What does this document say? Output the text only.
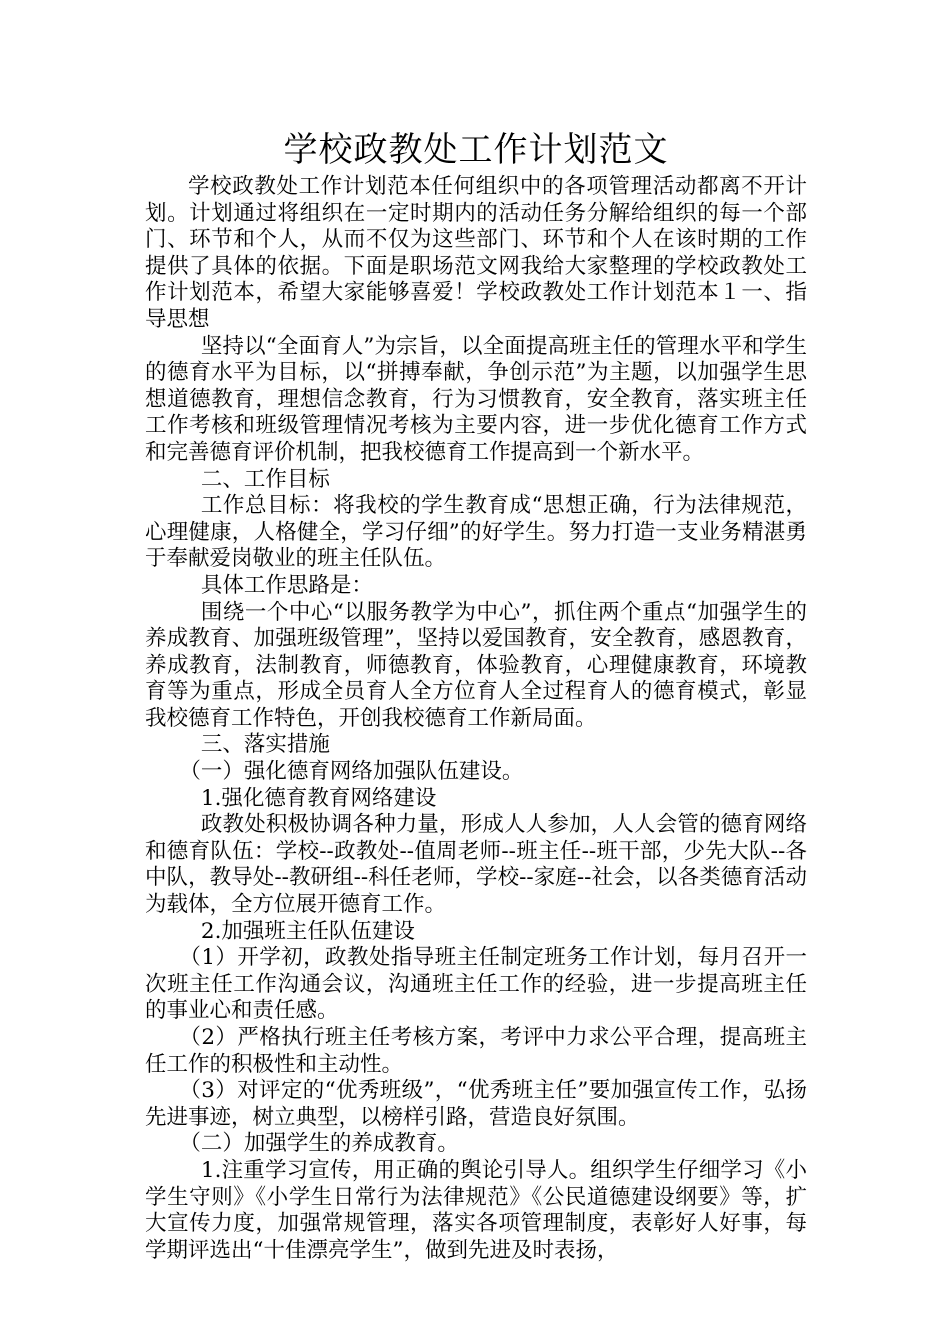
学校政教处工作计划范文

学校政教处工作计划范本任何组织中的各项管理活动都离不开计划。计划通过将组织在一定时期内的活动任务分解给组织的每一个部门、环节和个人，从而不仅为这些部门、环节和个人在该时期的工作提供了具体的依据。下面是职场范文网我给大家整理的学校政教处工作计划范本，希望大家能够喜爱！学校政教处工作计划范本１一、指导思想

坚持以“全面育人”为宗旨，以全面提高班主任的管理水平和学生的德育水平为目标，以“拼搏奉献，争创示范”为主题，以加强学生思想道德教育，理想信念教育，行为习惯教育，安全教育，落实班主任工作考核和班级管理情况考核为主要内容，进一步优化德育工作方式和完善德育评价机制，把我校德育工作提高到一个新水平。

二、工作目标

工作总目标：将我校的学生教育成“思想正确，行为法律规范，心理健康，人格健全，学习仔细”的好学生。努力打造一支业务精湛勇于奉献爱岗敬业的班主任队伍。

具体工作思路是：

围绕一个中心“以服务教学为中心”，抓住两个重点“加强学生的养成教育、加强班级管理”，坚持以爱国教育，安全教育，感恩教育，养成教育，法制教育，师德教育，体验教育，心理健康教育，环境教育等为重点，形成全员育人全方位育人全过程育人的德育模式，彰显我校德育工作特色，开创我校德育工作新局面。

三、落实措施

（一）强化德育网络加强队伍建设。

1.强化德育教育网络建设

政教处积极协调各种力量，形成人人参加，人人会管的德育网络和德育队伍：学校--政教处--值周老师--班主任--班干部，少先大队--各中队，教导处--教研组--科任老师，学校--家庭--社会，以各类德育活动为载体，全方位展开德育工作。

2.加强班主任队伍建设

（1）开学初，政教处指导班主任制定班务工作计划，每月召开一次班主任工作沟通会议，沟通班主任工作的经验，进一步提高班主任的事业心和责任感。

（2）严格执行班主任考核方案，考评中力求公平合理，提高班主任工作的积极性和主动性。

（3）对评定的“优秀班级”，“优秀班主任”要加强宣传工作，弘扬先进事迹，树立典型，以榜样引路，营造良好氛围。

（二）加强学生的养成教育。

1.注重学习宣传，用正确的舆论引导人。组织学生仔细学习《小学生守则》《小学生日常行为法律规范》《公民道德建设纲要》等，扩大宣传力度，加强常规管理，落实各项管理制度，表彰好人好事，每学期评选出“十佳漂亮学生”，做到先进及时表扬，
